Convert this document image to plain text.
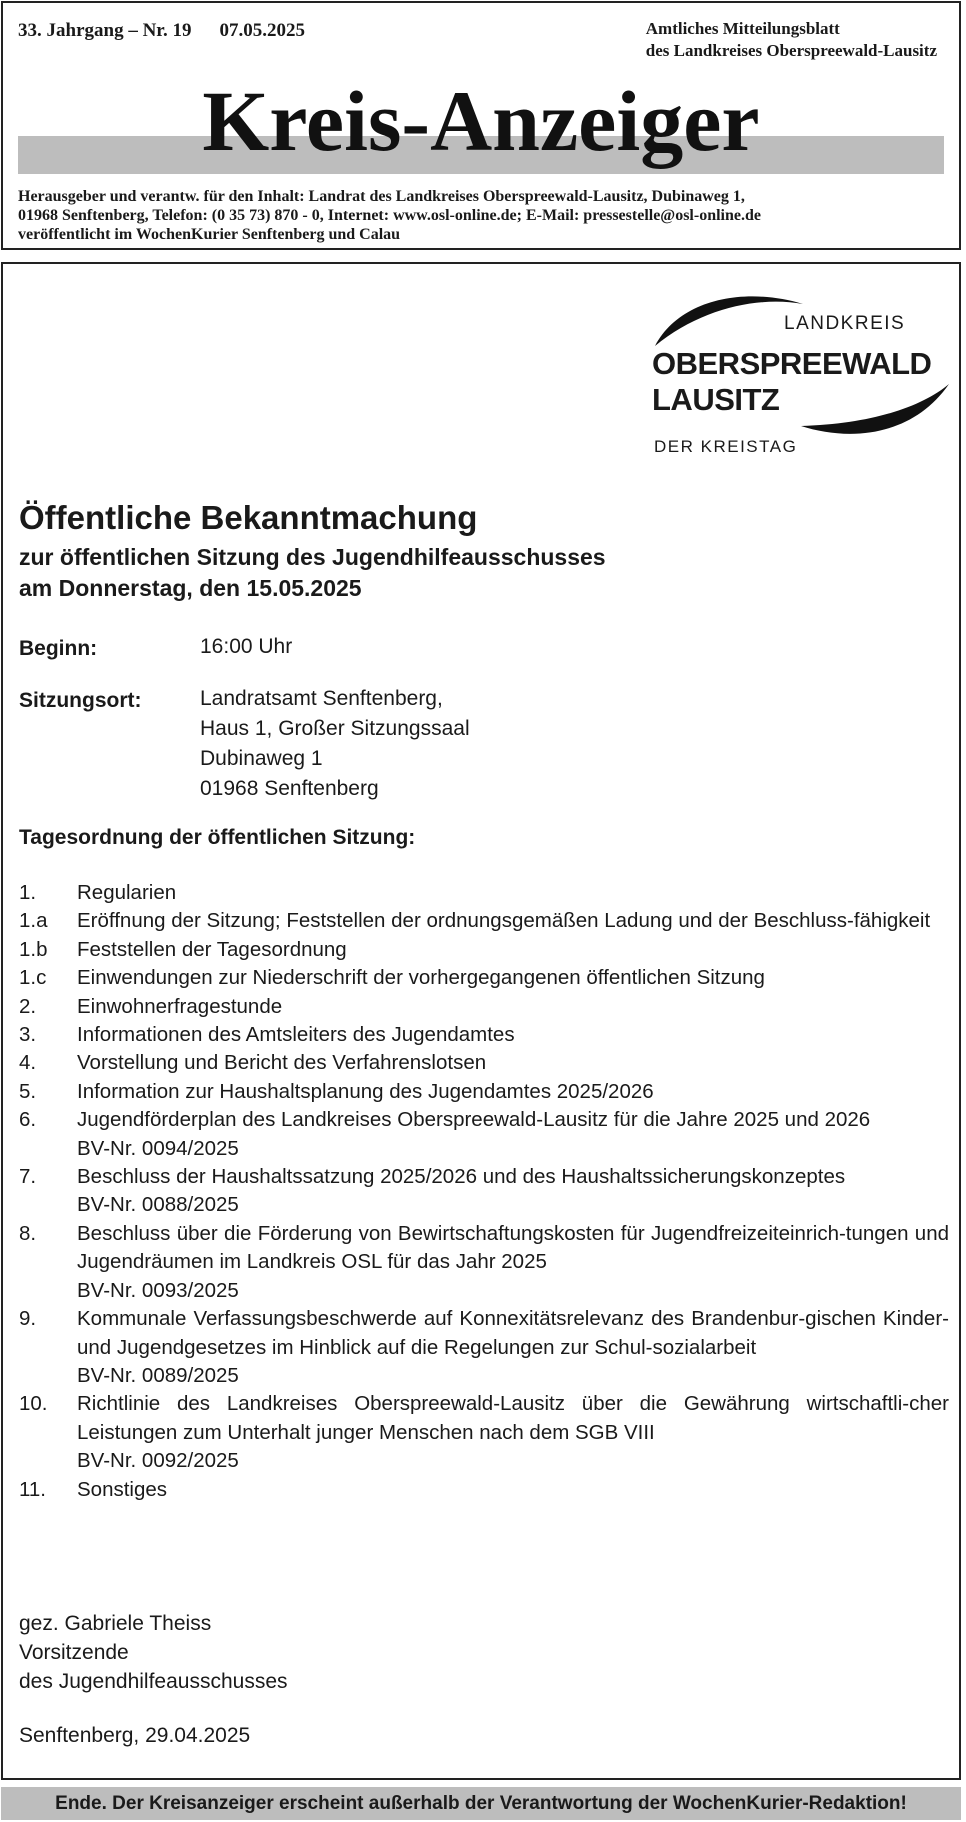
33. Jahrgang – Nr. 19 07.05.2025	Amtliches Mitteilungsblatt
des Landkreises Oberspreewald-Lausitz
Kreis-Anzeiger
Herausgeber und verantw. für den Inhalt: Landrat des Landkreises Oberspreewald-Lausitz, Dubinaweg 1,
01968 Senftenberg, Telefon: (0 35 73) 870 - 0, Internet: www.osl-online.de; E-Mail: pressestelle@osl-online.de
veröffentlicht im WochenKurier Senftenberg und Calau
LANDKREIS
OBERSPREEWALD
LAUSITZ
DER KREISTAG
Öffentliche Bekanntmachung
zur öffentlichen Sitzung des Jugendhilfeausschusses
am Donnerstag, den 15.05.2025
Beginn:	16:00 Uhr
Sitzungsort:	Landratsamt Senftenberg,
Haus 1, Großer Sitzungssaal
Dubinaweg 1
01968 Senftenberg
Tagesordnung der öffentlichen Sitzung:
1.	Regularien
1.a	Eröffnung der Sitzung; Feststellen der ordnungsgemäßen Ladung und der Beschluss-fähigkeit
1.b	Feststellen der Tagesordnung
1.c	Einwendungen zur Niederschrift der vorhergegangenen öffentlichen Sitzung
2.	Einwohnerfragestunde
3.	Informationen des Amtsleiters des Jugendamtes
4.	Vorstellung und Bericht des Verfahrenslotsen
5.	Information zur Haushaltsplanung des Jugendamtes 2025/2026
6.	Jugendförderplan des Landkreises Oberspreewald-Lausitz für die Jahre 2025 und 2026
BV-Nr. 0094/2025
7.	Beschluss der Haushaltssatzung 2025/2026 und des Haushaltssicherungskonzeptes
BV-Nr. 0088/2025
8.	Beschluss über die Förderung von Bewirtschaftungskosten für Jugendfreizeiteinrich-tungen und Jugendräumen im Landkreis OSL für das Jahr 2025
BV-Nr. 0093/2025
9.	Kommunale Verfassungsbeschwerde auf Konnexitätsrelevanz des Brandenbur-gischen Kinder- und Jugendgesetzes im Hinblick auf die Regelungen zur Schul-sozialarbeit
BV-Nr. 0089/2025
10.	Richtlinie des Landkreises Oberspreewald-Lausitz über die Gewährung wirtschaftli-cher Leistungen zum Unterhalt junger Menschen nach dem SGB VIII
BV-Nr. 0092/2025
11.	Sonstiges
gez. Gabriele Theiss
Vorsitzende
des Jugendhilfeausschusses
Senftenberg, 29.04.2025
Ende. Der Kreisanzeiger erscheint außerhalb der Verantwortung der WochenKurier-Redaktion!
